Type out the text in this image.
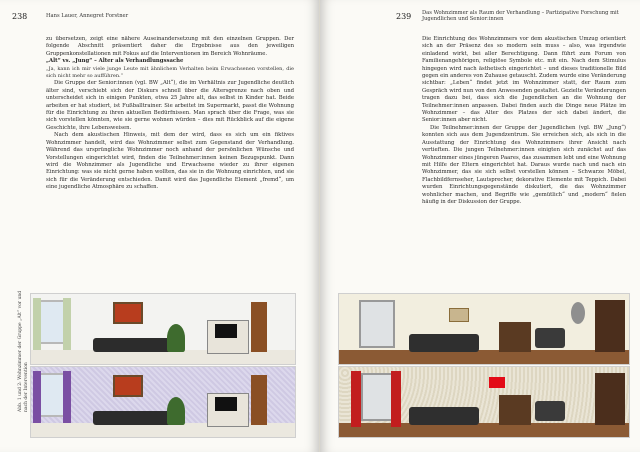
238	Hans Lauer, Annegret Forstner

zu übersetzen, zeigt eine nähere Auseinandersetzung mit den einzelnen Gruppen. Der folgende Abschnitt präsentiert daher die Ergebnisse aus den jeweiligen Gruppenkonstellationen mit Fokus auf die Interventionen im Bereich Wohnräume.

„Alt“ vs. „Jung“ – Alter als Verhandlungssache

„Ja, kann ich mir viele junge Leute mit ähnlichem Verhalten beim Erwachsenen vorstellen, die sich nicht mehr so aufführen.“

Die Gruppe der Senior:innen (vgl. BW „Alt“), die im Verhältnis zur Jugendliche deutlich älter sind, verschiebt sich der Diskurs schnell über die Altersgrenze nach oben und unterscheidet sich in einigen Punkten, etwa 25 Jahre alt, das selbst in Kinder hat. Beide arbeiten er hat studiert, ist Fußballtrainer. Sie arbeitet im Supermarkt, passt die Wohnung für die Einrichtung zu ihren aktuellen Bedürfnissen. Man sprach über die Frage, was sie sich vorstellen könnten, wie sie gerne wohnen würden – dies mit Rückblick auf die eigene Geschichte, ihre Lebensweisen.

Nach dem akustischen Hinweis, mit dem der wird, dass es sich um ein fiktives Wohnzimmer handelt, wird das Wohnzimmer selbst zum Gegenstand der Verhandlung. Während das ursprüngliche Wohnzimmer noch anhand der persönlichen Wünsche und Vorstellungen eingerichtet wird, finden die Teilnehmer:innen keinen Bezugspunkt. Dann wird die Wohnzimmer als Jugendliche und Erwachsene wieder zu ihrer eigenen Einrichtung: was sie nicht gerne haben wollten, das sie in die Wohnung einrichten, und sie sich für die Veränderung entschieden. Damit wird das Jugendliche Element „fremd“, um eine jugendliche Atmosphäre zu schaffen.

Abb. 1 und 2: Wohnzimmer der Gruppe „Alt“ vor und nach der Intervention
239 Das Wohnzimmer als Raum der Verhandlung – Partizipative Forschung mit Jugendlichen und Senior:innen

Die Einrichtung des Wohnzimmers vor dem akustischen Umzug orientiert sich an der Präsenz des so modern sein muss – also, was irgendwie einladend wirkt, bei aller Berechtigung. Dann führt zum Forum von Familienangehörigen, religiöse Symbole etc. mit ein. Nach dem Stimulus hingegen wird nach ästhetisch eingerichtet – und dieses traditionelle Bild gegen ein anderes von Zuhause getauscht. Zudem wurde eine Veränderung sichtbar: „Leben“ findet jetzt im Wohnzimmer statt, der Raum zum Gespräch wird nun von den Anwesenden gestaltet. Gezielte Veränderungen tragen dazu bei, dass sich die Jugendlichen an die Wohnung der Teilnehmer:innen anpassen. Dabei finden auch die Dinge neue Plätze im Wohnzimmer – das Alter des Platzes der sich dabei ändert, die Senior:innen aber nicht.

Die Teilnehmer:innen der Gruppe der Jugendlichen (vgl. BW „Jung“) konnten sich aus dem Jugendzentrum. Sie erreichen sich, als sich in die Ausstattung der Einrichtung des Wohnzimmers ihrer Ansicht nach vertieften. Die jungen Teilnehmer:innen einigten sich zunächst auf das Wohnzimmer eines jüngeren Paares, das zusammen lebt und eine Wohnung mit Hilfe der Eltern eingerichtet hat. Daraus wurde nach und nach ein Wohnzimmer, das sie sich selbst vorstellen können – Schwarze Möbel, Flachbildfernseher, Lautsprecher, dekorative Elemente mit Teppich. Dabei wurden Einrichtungsgegenstände diskutiert, die das Wohnzimmer wohnlicher machen, und Begriffe wie „gemütlich“ und „modern“ fielen häufig in der Diskussion der Gruppe.
